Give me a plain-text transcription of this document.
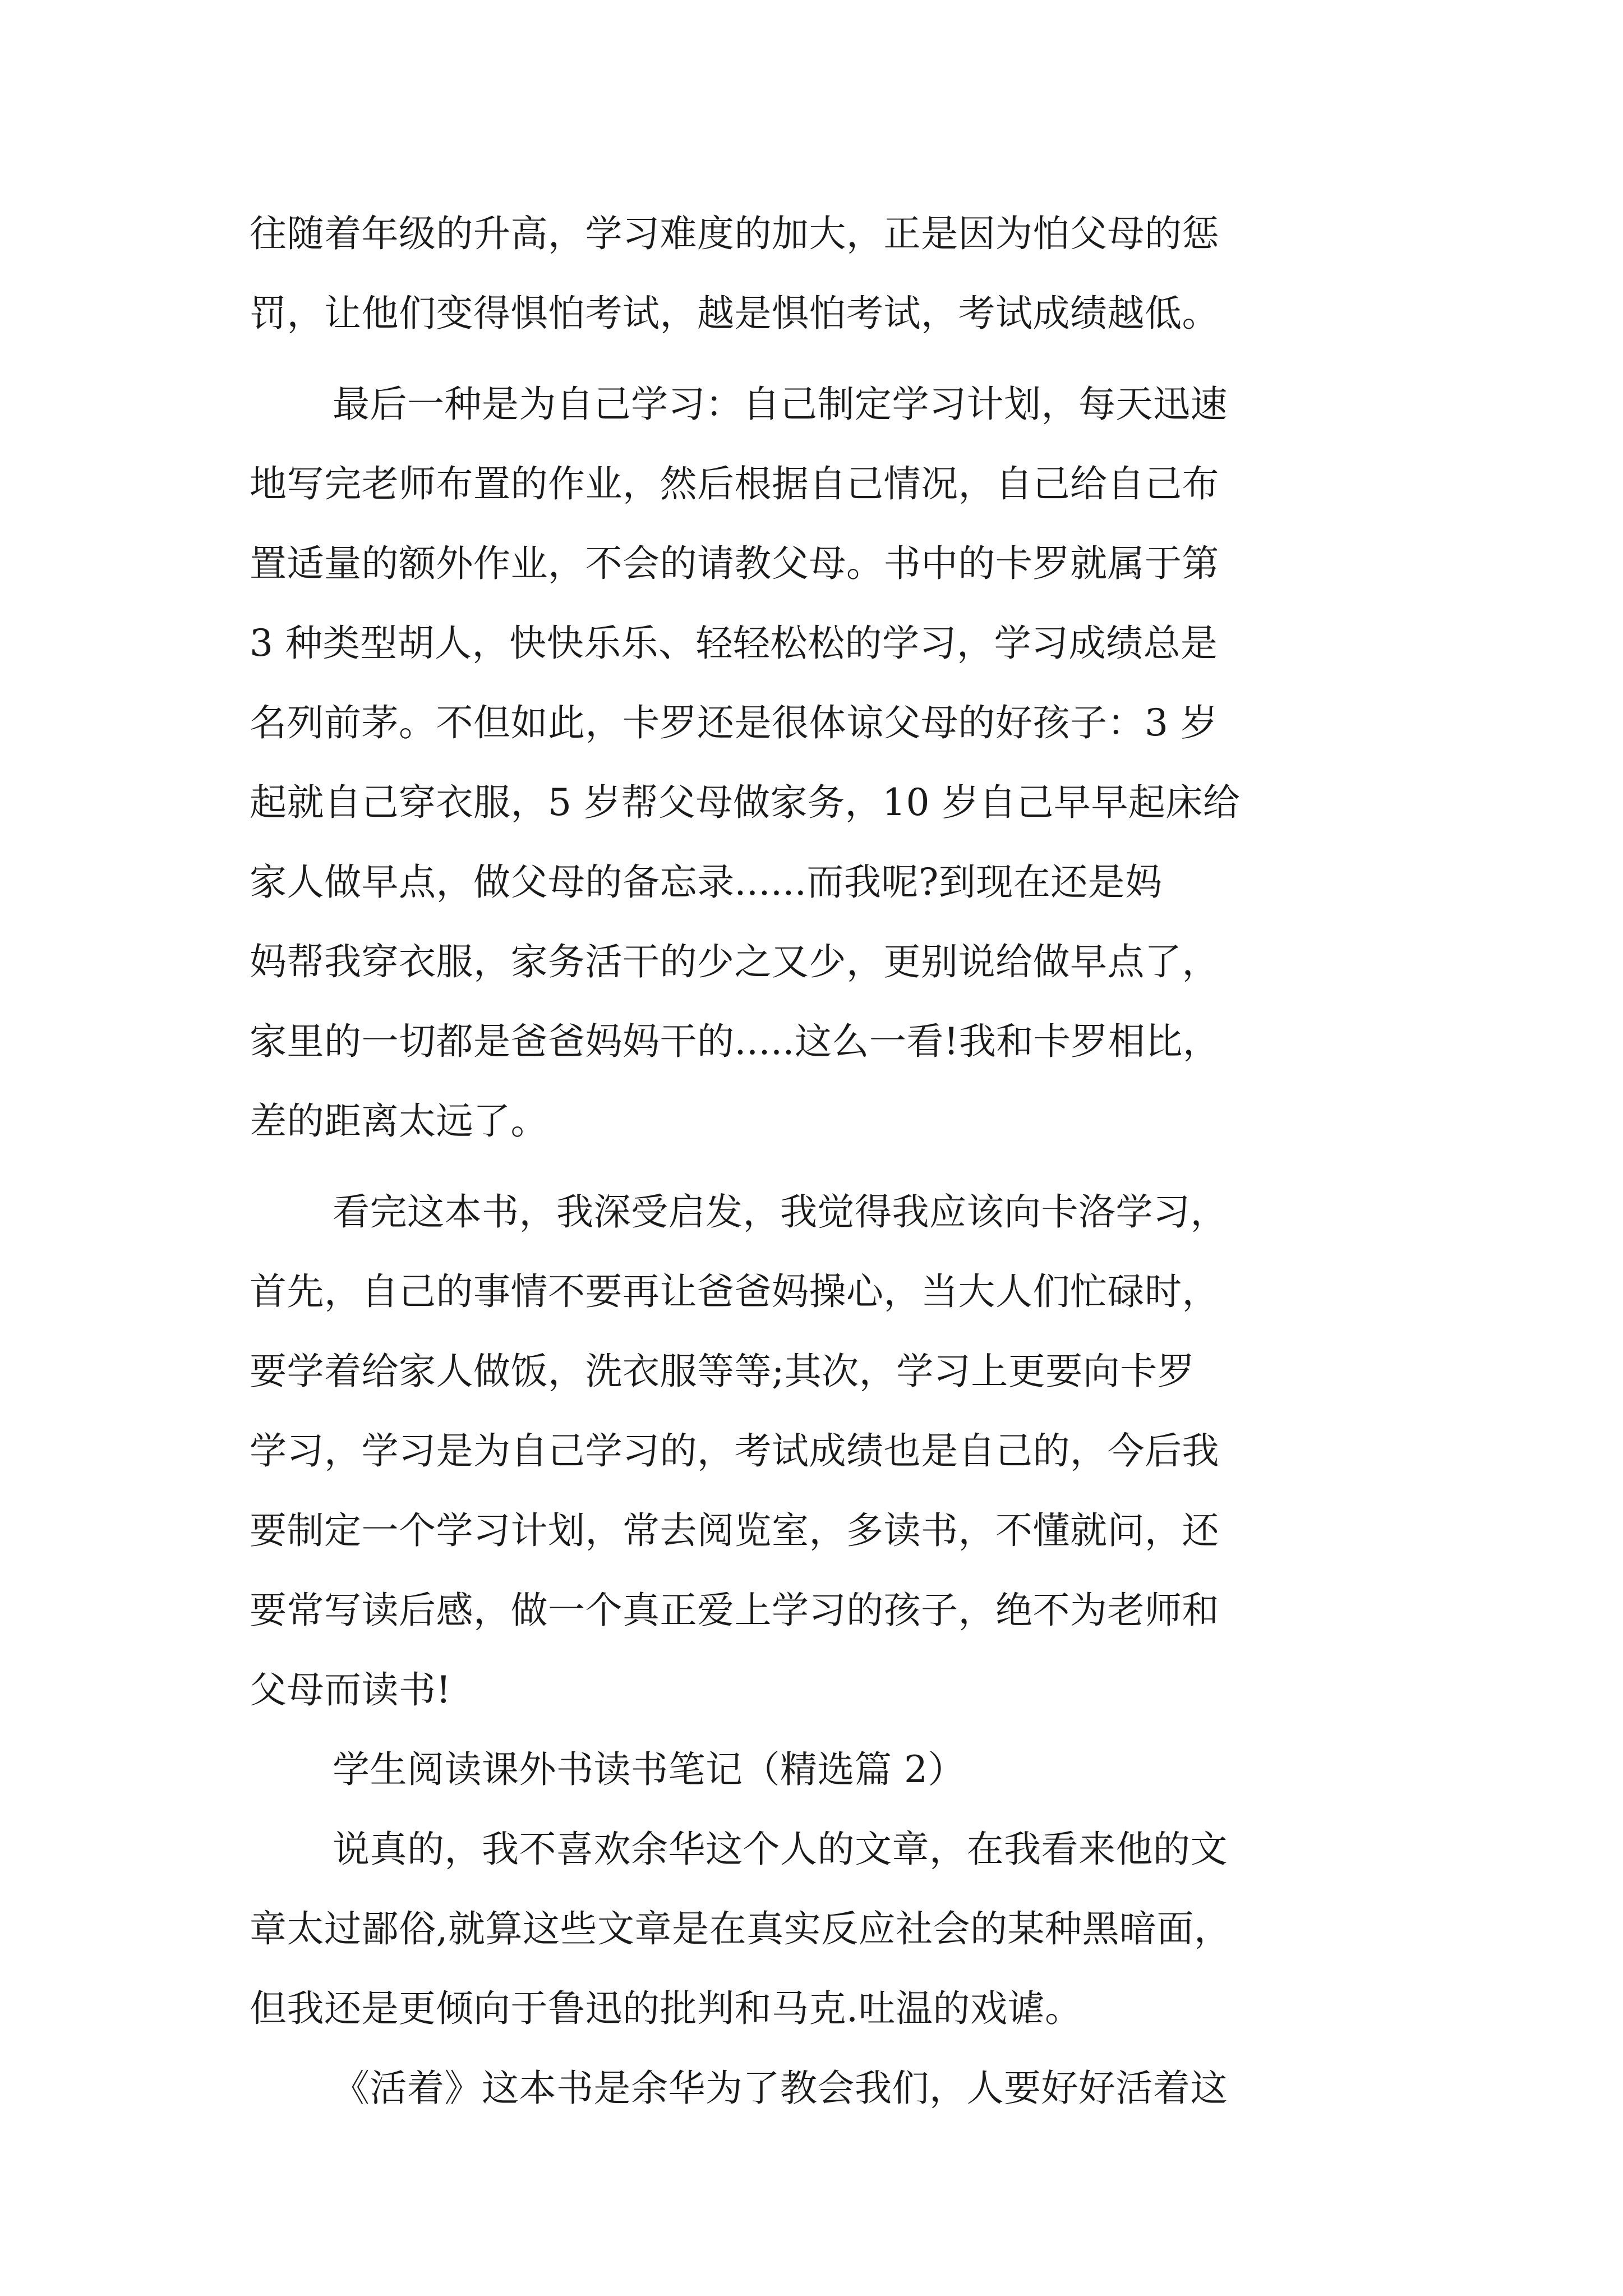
往随着年级的升高，学习难度的加大，正是因为怕父母的惩
罚，让他们变得惧怕考试，越是惧怕考试，考试成绩越低。
最后一种是为自己学习：自己制定学习计划，每天迅速
地写完老师布置的作业，然后根据自己情况，自己给自己布
置适量的额外作业，不会的请教父母。书中的卡罗就属于第
3 种类型胡人，快快乐乐、轻轻松松的学习，学习成绩总是
名列前茅。不但如此，卡罗还是很体谅父母的好孩子：3 岁
起就自己穿衣服，5 岁帮父母做家务，10 岁自己早早起床给
家人做早点，做父母的备忘录......而我呢?到现在还是妈
妈帮我穿衣服，家务活干的少之又少，更别说给做早点了，
家里的一切都是爸爸妈妈干的.....这么一看!我和卡罗相比，
差的距离太远了。
看完这本书，我深受启发，我觉得我应该向卡洛学习，
首先，自己的事情不要再让爸爸妈操心，当大人们忙碌时，
要学着给家人做饭，洗衣服等等;其次，学习上更要向卡罗
学习，学习是为自己学习的，考试成绩也是自己的，今后我
要制定一个学习计划，常去阅览室，多读书，不懂就问，还
要常写读后感，做一个真正爱上学习的孩子，绝不为老师和
父母而读书!
学生阅读课外书读书笔记（精选篇 2）
说真的，我不喜欢余华这个人的文章，在我看来他的文
章太过鄙俗,就算这些文章是在真实反应社会的某种黑暗面，
但我还是更倾向于鲁迅的批判和马克.吐温的戏谑。
《活着》这本书是余华为了教会我们，人要好好活着这
